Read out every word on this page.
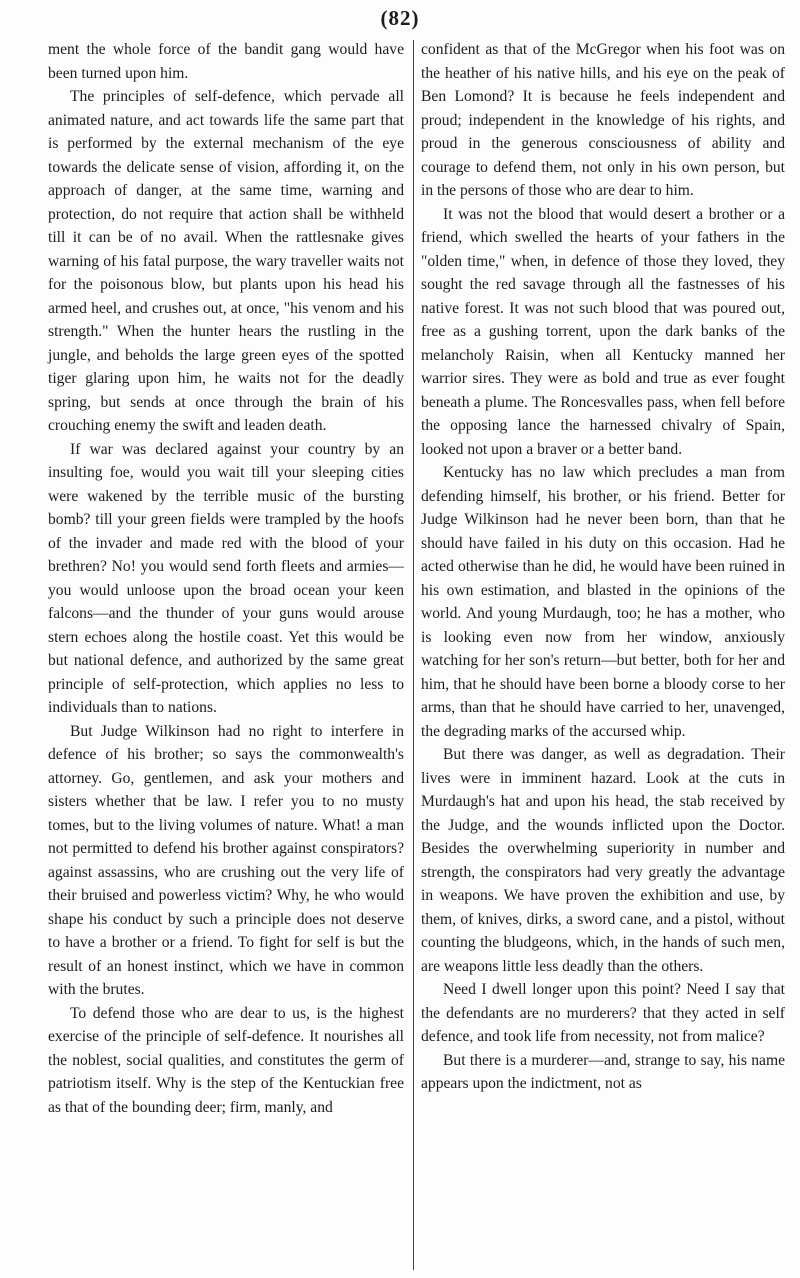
(82)

ment the whole force of the bandit gang would have been turned upon him.

The principles of self-defence, which pervade all animated nature, and act towards life the same part that is performed by the external mechanism of the eye towards the delicate sense of vision, affording it, on the approach of danger, at the same time, warning and protection, do not require that action shall be withheld till it can be of no avail. When the rattlesnake gives warning of his fatal purpose, the wary traveller waits not for the poisonous blow, but plants upon his head his armed heel, and crushes out, at once, "his venom and his strength." When the hunter hears the rustling in the jungle, and beholds the large green eyes of the spotted tiger glaring upon him, he waits not for the deadly spring, but sends at once through the brain of his crouching enemy the swift and leaden death.

If war was declared against your country by an insulting foe, would you wait till your sleeping cities were wakened by the terrible music of the bursting bomb? till your green fields were trampled by the hoofs of the invader and made red with the blood of your brethren? No! you would send forth fleets and armies—you would unloose upon the broad ocean your keen falcons—and the thunder of your guns would arouse stern echoes along the hostile coast. Yet this would be but national defence, and authorized by the same great principle of self-protection, which applies no less to individuals than to nations.

But Judge Wilkinson had no right to interfere in defence of his brother; so says the commonwealth's attorney. Go, gentlemen, and ask your mothers and sisters whether that be law. I refer you to no musty tomes, but to the living volumes of nature. What! a man not permitted to defend his brother against conspirators? against assassins, who are crushing out the very life of their bruised and powerless victim? Why, he who would shape his conduct by such a principle does not deserve to have a brother or a friend. To fight for self is but the result of an honest instinct, which we have in common with the brutes.

To defend those who are dear to us, is the highest exercise of the principle of self-defence. It nourishes all the noblest, social qualities, and constitutes the germ of patriotism itself. Why is the step of the Kentuckian free as that of the bounding deer; firm, manly, and

confident as that of the McGregor when his foot was on the heather of his native hills, and his eye on the peak of Ben Lomond? It is because he feels independent and proud; independent in the knowledge of his rights, and proud in the generous consciousness of ability and courage to defend them, not only in his own person, but in the persons of those who are dear to him.

It was not the blood that would desert a brother or a friend, which swelled the hearts of your fathers in the "olden time," when, in defence of those they loved, they sought the red savage through all the fastnesses of his native forest. It was not such blood that was poured out, free as a gushing torrent, upon the dark banks of the melancholy Raisin, when all Kentucky manned her warrior sires. They were as bold and true as ever fought beneath a plume. The Roncesvalles pass, when fell before the opposing lance the harnessed chivalry of Spain, looked not upon a braver or a better band.

Kentucky has no law which precludes a man from defending himself, his brother, or his friend. Better for Judge Wilkinson had he never been born, than that he should have failed in his duty on this occasion. Had he acted otherwise than he did, he would have been ruined in his own estimation, and blasted in the opinions of the world. And young Murdaugh, too; he has a mother, who is looking even now from her window, anxiously watching for her son's return—but better, both for her and him, that he should have been borne a bloody corse to her arms, than that he should have carried to her, unavenged, the degrading marks of the accursed whip.

But there was danger, as well as degradation. Their lives were in imminent hazard. Look at the cuts in Murdaugh's hat and upon his head, the stab received by the Judge, and the wounds inflicted upon the Doctor. Besides the overwhelming superiority in number and strength, the conspirators had very greatly the advantage in weapons. We have proven the exhibition and use, by them, of knives, dirks, a sword cane, and a pistol, without counting the bludgeons, which, in the hands of such men, are weapons little less deadly than the others.

Need I dwell longer upon this point? Need I say that the defendants are no murderers? that they acted in self defence, and took life from necessity, not from malice?

But there is a murderer—and, strange to say, his name appears upon the indictment, not as
